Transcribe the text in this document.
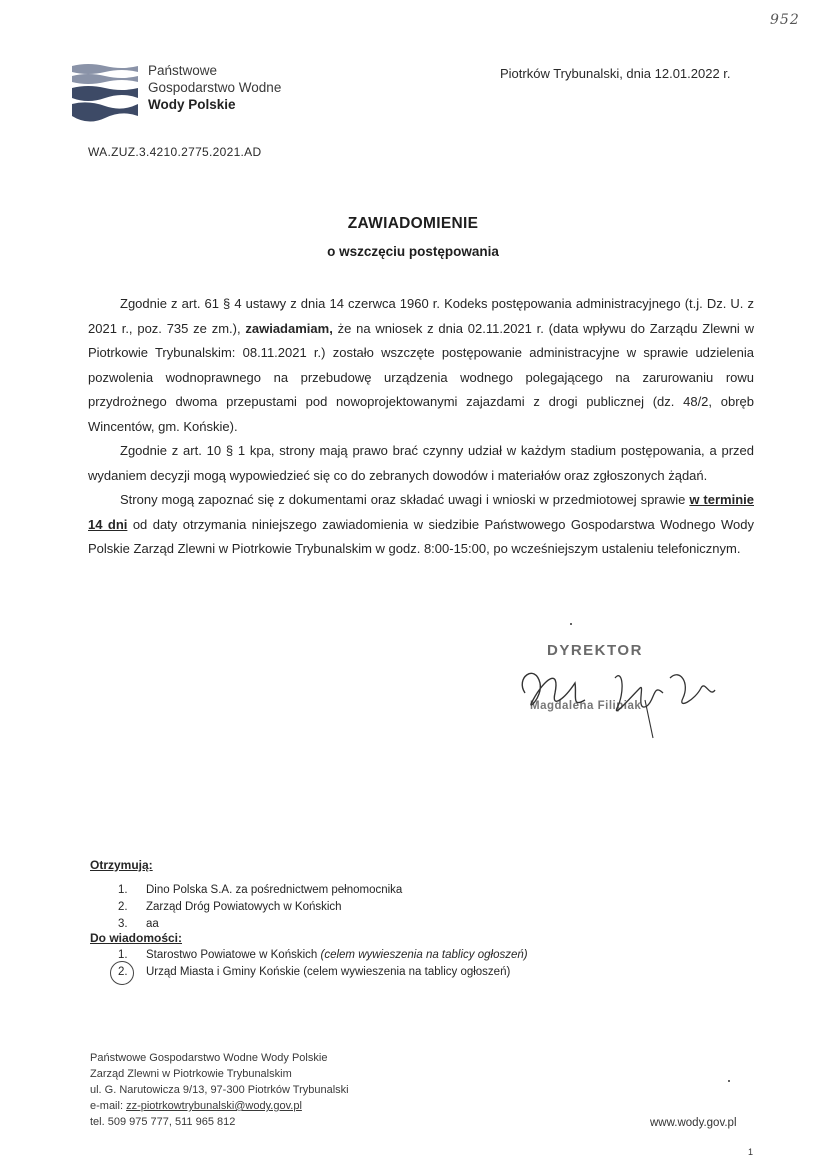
952
Państwowe
Gospodarstwo Wodne
Wody Polskie
Piotrków Trybunalski, dnia 12.01.2022 r.
WA.ZUZ.3.4210.2775.2021.AD
ZAWIADOMIENIE
o wszczęciu postępowania

Zgodnie z art. 61 § 4 ustawy z dnia 14 czerwca 1960 r. Kodeks postępowania administracyjnego (t.j. Dz. U. z 2021 r., poz. 735 ze zm.), zawiadamiam, że na wniosek z dnia 02.11.2021 r. (data wpływu do Zarządu Zlewni w Piotrkowie Trybunalskim: 08.11.2021 r.) zostało wszczęte postępowanie administracyjne w sprawie udzielenia pozwolenia wodnoprawnego na przebudowę urządzenia wodnego polegającego na zarurowaniu rowu przydrożnego dwoma przepustami pod nowoprojektowanymi zajazdami z drogi publicznej (dz. 48/2, obręb Wincentów, gm. Końskie).

Zgodnie z art. 10 § 1 kpa, strony mają prawo brać czynny udział w każdym stadium postępowania, a przed wydaniem decyzji mogą wypowiedzieć się co do zebranych dowodów i materiałów oraz zgłoszonych żądań.

Strony mogą zapoznać się z dokumentami oraz składać uwagi i wnioski w przedmiotowej sprawie w terminie 14 dni od daty otrzymania niniejszego zawiadomienia w siedzibie Państwowego Gospodarstwa Wodnego Wody Polskie Zarząd Zlewni w Piotrkowie Trybunalskim w godz. 8:00-15:00, po wcześniejszym ustaleniu telefonicznym.

DYREKTOR
Magdalena Filipiak
Otrzymują:
1. Dino Polska S.A. za pośrednictwem pełnomocnika
2. Zarząd Dróg Powiatowych w Końskich
3. aa
Do wiadomości:
1. Starostwo Powiatowe w Końskich (celem wywieszenia na tablicy ogłoszeń)
2. Urząd Miasta i Gminy Końskie (celem wywieszenia na tablicy ogłoszeń)
Państwowe Gospodarstwo Wodne Wody Polskie
Zarząd Zlewni w Piotrkowie Trybunalskim
ul. G. Narutowicza 9/13, 97-300 Piotrków Trybunalski
e-mail: zz-piotrkowtrybunalski@wody.gov.pl
tel. 509 975 777, 511 965 812	www.wody.gov.pl
1
